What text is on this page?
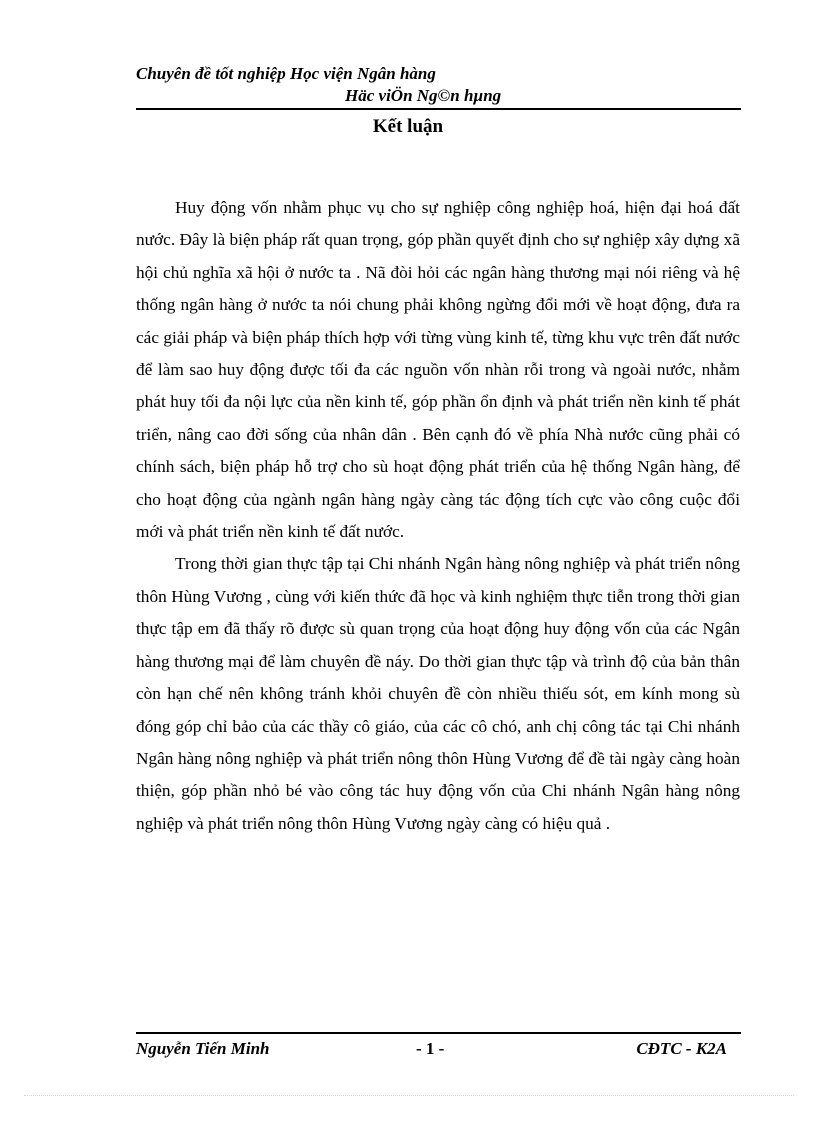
Chuyên đề tốt nghiệp Học viện Ngân hàng
Häc viÖn Ng©n hµng
Kết luận

Huy động vốn nhằm phục vụ cho sự nghiệp công nghiệp hoá, hiện đại hoá đất nước. Đây là biện pháp rất quan trọng, góp phần quyết định cho sự nghiệp xây dựng xã hội chủ nghĩa xã hội ở nước ta . Nã đòi hỏi các ngân hàng thương mại nói riêng và hệ thống ngân hàng ở nước ta nói chung phải không ngừng đổi mới về hoạt động, đưa ra các giải pháp và biện pháp thích hợp với từng vùng kinh tế, từng khu vực trên đất nước để làm sao huy động được tối đa các nguồn vốn nhàn rỗi trong và ngoài nước, nhằm phát huy tối đa nội lực của nền kinh tế, góp phần ổn định và phát triển nền kinh tế phát triển, nâng cao đời sống của nhân dân . Bên cạnh đó về phía Nhà nước cũng phải có chính sách, biện pháp hỗ trợ cho sù hoạt động phát triển của hệ thống Ngân hàng, để cho hoạt động của ngành ngân hàng ngày càng tác động tích cực vào công cuộc đổi mới và phát triển nền kinh tế đất nước.

Trong thời gian thực tập tại Chi nhánh Ngân hàng nông nghiệp và phát triển nông thôn Hùng Vương , cùng với kiến thức đã học và kinh nghiệm thực tiễn trong thời gian thực tập em đã thấy rõ được sù quan trọng của hoạt động huy động vốn của các Ngân hàng thương mại để làm chuyên đề náy. Do thời gian thực tập và trình độ của bản thân còn hạn chế nên không tránh khỏi chuyên đề còn nhiều thiếu sót, em kính mong sù đóng góp chỉ bảo của các thầy cô giáo, của các cô chó, anh chị công tác tại Chi nhánh Ngân hàng nông nghiệp và phát triển nông thôn Hùng Vương để đề tài ngày càng hoàn thiện, góp phần nhỏ bé vào công tác huy động vốn của Chi nhánh Ngân hàng nông nghiệp và phát triển nông thôn Hùng Vương ngày càng có hiệu quả .

Nguyễn Tiến Minh	- 1 -	CĐTC - K2A
